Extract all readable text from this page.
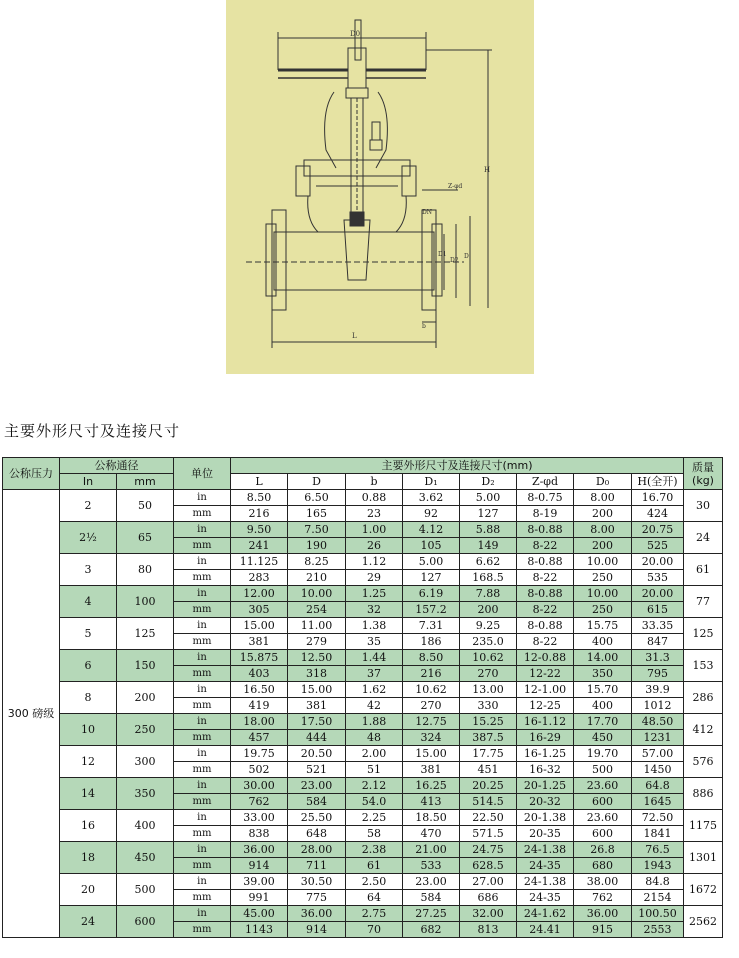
D0
Z-φd
H
D
D2
D1
DN
b
L
主要外形尺寸及连接尺寸
公称压力	公称通径		单位	主要外形尺寸及连接尺寸(mm)								质量
(kg)
	In	mm		L	D	b	D₁	D₂	Z-φd	D₀	H(全开)	
300 磅级	2	50	in	8.50	6.50	0.88	3.62	5.00	8-0.75	8.00	16.70	30
			mm	216	165	23	92	127	8-19	200	424	
	2½	65	in	9.50	7.50	1.00	4.12	5.88	8-0.88	8.00	20.75	24
			mm	241	190	26	105	149	8-22	200	525	
	3	80	in	11.125	8.25	1.12	5.00	6.62	8-0.88	10.00	20.00	61
			mm	283	210	29	127	168.5	8-22	250	535	
	4	100	in	12.00	10.00	1.25	6.19	7.88	8-0.88	10.00	20.00	77
			mm	305	254	32	157.2	200	8-22	250	615	
	5	125	in	15.00	11.00	1.38	7.31	9.25	8-0.88	15.75	33.35	125
			mm	381	279	35	186	235.0	8-22	400	847	
	6	150	in	15.875	12.50	1.44	8.50	10.62	12-0.88	14.00	31.3	153
			mm	403	318	37	216	270	12-22	350	795	
	8	200	in	16.50	15.00	1.62	10.62	13.00	12-1.00	15.70	39.9	286
			mm	419	381	42	270	330	12-25	400	1012	
	10	250	in	18.00	17.50	1.88	12.75	15.25	16-1.12	17.70	48.50	412
			mm	457	444	48	324	387.5	16-29	450	1231	
	12	300	in	19.75	20.50	2.00	15.00	17.75	16-1.25	19.70	57.00	576
			mm	502	521	51	381	451	16-32	500	1450	
	14	350	in	30.00	23.00	2.12	16.25	20.25	20-1.25	23.60	64.8	886
			mm	762	584	54.0	413	514.5	20-32	600	1645	
	16	400	in	33.00	25.50	2.25	18.50	22.50	20-1.38	23.60	72.50	1175
			mm	838	648	58	470	571.5	20-35	600	1841	
	18	450	in	36.00	28.00	2.38	21.00	24.75	24-1.38	26.8	76.5	1301
			mm	914	711	61	533	628.5	24-35	680	1943	
	20	500	in	39.00	30.50	2.50	23.00	27.00	24-1.38	38.00	84.8	1672
			mm	991	775	64	584	686	24-35	762	2154	
	24	600	in	45.00	36.00	2.75	27.25	32.00	24-1.62	36.00	100.50	2562
			mm	1143	914	70	682	813	24.41	915	2553	
